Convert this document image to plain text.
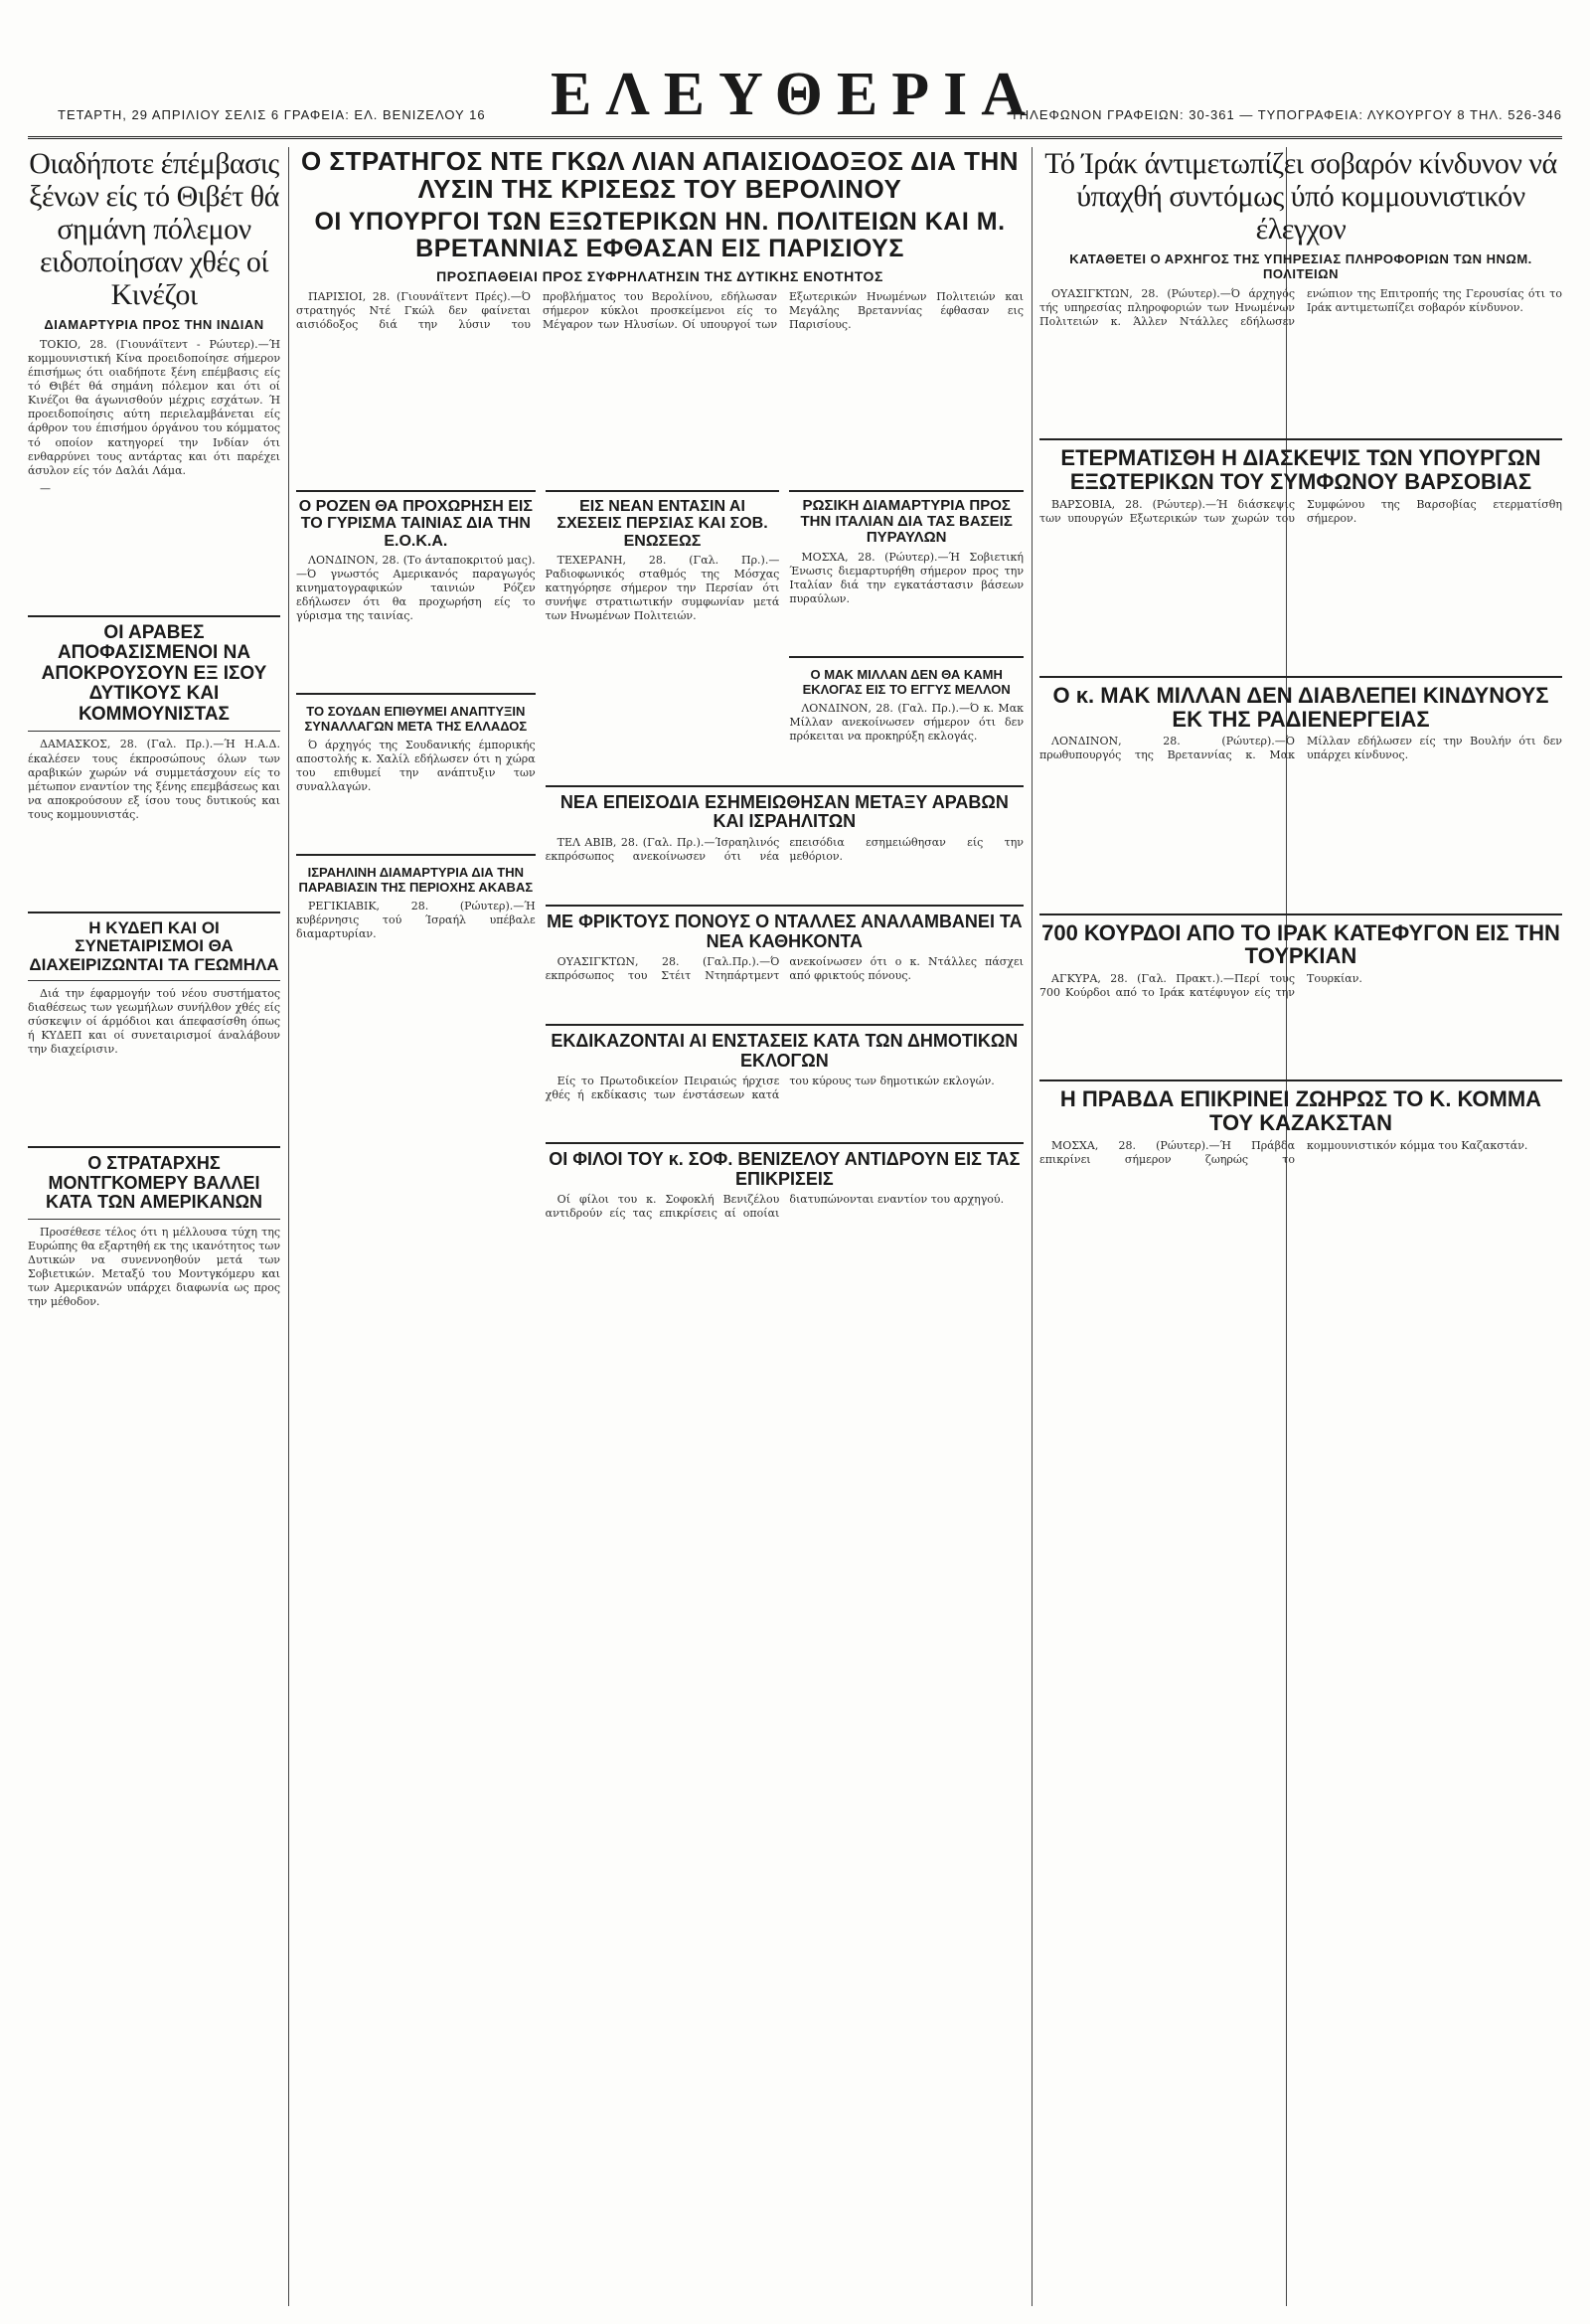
ΤΕΤΑΡΤΗ, 29 ΑΠΡΙΛΙΟΥ ΣΕΛΙΣ 6 ΓΡΑΦΕΙΑ: ΕΛ. ΒΕΝΙΖΕΛΟΥ 16	ΕΛΕΥΘΕΡΙΑ
ΤΗΛΕΦΩΝΟΝ ΓΡΑΦΕΙΩΝ: 30-361 — ΤΥΠΟΓΡΑΦΕΙΑ: ΛΥΚΟΥΡΓΟΥ 8 ΤΗΛ. 526-346
Οιαδήποτε έπέμβασις ξένων είς τό Θιβέτ θά σημάνη πόλεμον ειδοποίησαν χθές οί Κινέζοι
ΔΙΑΜΑΡΤΥΡΙΑ ΠΡΟΣ ΤΗΝ ΙΝΔΙΑΝ

ΤΟΚΙΟ, 28. (Γιουνάϊτεντ - Ρώυτερ).—Ή κομμουνιστική Κίνα προειδοποίησε σήμερον έπισήμως ότι οιαδήποτε ξένη επέμβασις είς τό Θιβέτ θά σημάνη πόλεμον και ότι οί Κινέζοι θα άγωνισθούν μέχρις εσχάτων. Ή προειδοποίησις αύτη περιελαμβάνεται είς άρθρον του έπισήμου όργάνου του κόμματος τό οποίον κατηγορεί την Ινδίαν ότι ενθαρρύνει τους αντάρτας και ότι παρέχει άσυλον είς τόν Δαλάι Λάμα.

—

ΟΙ ΑΡΑΒΕΣ ΑΠΟΦΑΣΙΣΜΕΝΟΙ ΝΑ ΑΠΟΚΡΟΥΣΟΥΝ ΕΞ ΙΣΟΥ ΔΥΤΙΚΟΥΣ ΚΑΙ ΚΟΜΜΟΥΝΙΣΤΑΣ

ΔΑΜΑΣΚΟΣ, 28. (Γαλ. Πρ.).—Ή Η.Α.Δ. έκαλέσεν τους έκπροσώπους όλων των αραβικών χωρών νά συμμετάσχουν είς το μέτωπον εναντίον της ξένης επεμβάσεως και να αποκρούσουν εξ ίσου τους δυτικούς και τους κομμουνιστάς.

Η ΚΥΔΕΠ ΚΑΙ ΟΙ ΣΥΝΕΤΑΙΡΙΣΜΟΙ ΘΑ ΔΙΑΧΕΙΡΙΖΩΝΤΑΙ ΤΑ ΓΕΩΜΗΛΑ

Διά την έφαρμογήν τού νέου συστήματος διαθέσεως των γεωμήλων συνήλθον χθές είς σύσκεψιν οί άρμόδιοι και άπεφασίσθη όπως ή ΚΥΔΕΠ και οί συνεταιρισμοί άναλάβουν την διαχείρισιν.

Ο ΣΤΡΑΤΑΡΧΗΣ ΜΟΝΤΓΚΟΜΕΡΥ ΒΑΛΛΕΙ ΚΑΤΑ ΤΩΝ ΑΜΕΡΙΚΑΝΩΝ

Προσέθεσε τέλος ότι η μέλλουσα τύχη της Ευρώπης θα εξαρτηθή εκ της ικανότητος των Δυτικών να συνεννοηθούν μετά των Σοβιετικών. Μεταξύ του Μοντγκόμερυ και των Αμερικανών υπάρχει διαφωνία ως προς την μέθοδον.

Ο ΣΤΡΑΤΗΓΟΣ ΝΤΕ ΓΚΩΛ ΛΙΑΝ ΑΠΑΙΣΙΟΔΟΞΟΣ ΔΙΑ ΤΗΝ ΛΥΣΙΝ ΤΗΣ ΚΡΙΣΕΩΣ ΤΟΥ ΒΕΡΟΛΙΝΟΥ
ΟΙ ΥΠΟΥΡΓΟΙ ΤΩΝ ΕΞΩΤΕΡΙΚΩΝ ΗΝ. ΠΟΛΙΤΕΙΩΝ ΚΑΙ Μ. ΒΡΕΤΑΝΝΙΑΣ ΕΦΘΑΣΑΝ ΕΙΣ ΠΑΡΙΣΙΟΥΣ
ΠΡΟΣΠΑΘΕΙΑΙ ΠΡΟΣ ΣΥΦΡΗΛΑΤΗΣΙΝ ΤΗΣ ΔΥΤΙΚΗΣ ΕΝΟΤΗΤΟΣ

ΠΑΡΙΣΙΟΙ, 28. (Γιουνάϊτεντ Πρές).—Ό στρατηγός Ντέ Γκώλ δεν φαίνεται αισιόδοξος διά την λύσιν του προβλήματος του Βερολίνου, εδήλωσαν σήμερον κύκλοι προσκείμενοι είς το Μέγαρον των Ηλυσίων. Οί υπουργοί των Εξωτερικών Ηνωμένων Πολιτειών και Μεγάλης Βρεταννίας έφθασαν εις Παρισίους.

Ο ΡΟΖΕΝ ΘΑ ΠΡΟΧΩΡΗΣΗ ΕΙΣ ΤΟ ΓΥΡΙΣΜΑ ΤΑΙΝΙΑΣ ΔΙΑ ΤΗΝ Ε.Ο.Κ.Α.

ΛΟΝΔΙΝΟΝ, 28. (Το άνταποκριτού μας).—Ό γνωστός Αμερικανός παραγωγός κινηματογραφικών ταινιών Ρόζεν εδήλωσεν ότι θα προχωρήση είς το γύρισμα της ταινίας.

ΤΟ ΣΟΥΔΑΝ ΕΠΙΘΥΜΕΙ ΑΝΑΠΤΥΞΙΝ ΣΥΝΑΛΛΑΓΩΝ ΜΕΤΑ ΤΗΣ ΕΛΛΑΔΟΣ

Ό άρχηγός της Σουδανικής έμπορικής αποστολής κ. Χαλίλ εδήλωσεν ότι η χώρα του επιθυμεί την ανάπτυξιν των συναλλαγών.

ΙΣΡΑΗΛΙΝΗ ΔΙΑΜΑΡΤΥΡΙΑ ΔΙΑ ΤΗΝ ΠΑΡΑΒΙΑΣΙΝ ΤΗΣ ΠΕΡΙΟΧΗΣ ΑΚΑΒΑΣ

ΡΕΓΙΚΙΑΒΙΚ, 28. (Ρώυτερ).—Ή κυβέρνησις τού Ίσραήλ υπέβαλε διαμαρτυρίαν.

ΕΙΣ ΝΕΑΝ ΕΝΤΑΣΙΝ ΑΙ ΣΧΕΣΕΙΣ ΠΕΡΣΙΑΣ ΚΑΙ ΣΟΒ. ΕΝΩΣΕΩΣ

ΤΕΧΕΡΑΝΗ, 28. (Γαλ. Πρ.).—Ραδιοφωνικός σταθμός της Μόσχας κατηγόρησε σήμερον την Περσίαν ότι συνήψε στρατιωτικήν συμφωνίαν μετά των Ηνωμένων Πολιτειών.

ΡΩΣΙΚΗ ΔΙΑΜΑΡΤΥΡΙΑ ΠΡΟΣ ΤΗΝ ΙΤΑΛΙΑΝ ΔΙΑ ΤΑΣ ΒΑΣΕΙΣ ΠΥΡΑΥΛΩΝ

ΜΟΣΧΑ, 28. (Ρώυτερ).—Ή Σοβιετική Ένωσις διεμαρτυρήθη σήμερον προς την Ιταλίαν διά την εγκατάστασιν βάσεων πυραύλων.

Ο ΜΑΚ ΜΙΛΛΑΝ ΔΕΝ ΘΑ ΚΑΜΗ ΕΚΛΟΓΑΣ ΕΙΣ ΤΟ ΕΓΓΥΣ ΜΕΛΛΟΝ

ΛΟΝΔΙΝΟΝ, 28. (Γαλ. Πρ.).—Ό κ. Μακ Μίλλαν ανεκοίνωσεν σήμερον ότι δεν πρόκειται να προκηρύξη εκλογάς.

ΝΕΑ ΕΠΕΙΣΟΔΙΑ ΕΣΗΜΕΙΩΘΗΣΑΝ ΜΕΤΑΞΥ ΑΡΑΒΩΝ ΚΑΙ ΙΣΡΑΗΛΙΤΩΝ

ΤΕΛ ΑΒΙΒ, 28. (Γαλ. Πρ.).—Ίσραηλινός εκπρόσωπος ανεκοίνωσεν ότι νέα επεισόδια εσημειώθησαν είς την μεθόριον.

ΜΕ ΦΡΙΚΤΟΥΣ ΠΟΝΟΥΣ Ο ΝΤΑΛΛΕΣ ΑΝΑΛΑΜΒΑΝΕΙ ΤΑ ΝΕΑ ΚΑΘΗΚΟΝΤΑ

ΟΥΑΣΙΓΚΤΩΝ, 28. (Γαλ.Πρ.).—Ό εκπρόσωπος του Στέιτ Ντηπάρτμεντ ανεκοίνωσεν ότι ο κ. Ντάλλες πάσχει από φρικτούς πόνους.

ΕΚΔΙΚΑΖΟΝΤΑΙ ΑΙ ΕΝΣΤΑΣΕΙΣ ΚΑΤΑ ΤΩΝ ΔΗΜΟΤΙΚΩΝ ΕΚΛΟΓΩΝ

Είς το Πρωτοδικείον Πειραιώς ήρχισε χθές ή εκδίκασις των ένστάσεων κατά του κύρους των δημοτικών εκλογών.

ΟΙ ΦΙΛΟΙ ΤΟΥ κ. ΣΟΦ. ΒΕΝΙΖΕΛΟΥ ΑΝΤΙΔΡΟΥΝ ΕΙΣ ΤΑΣ ΕΠΙΚΡΙΣΕΙΣ

Οί φίλοι του κ. Σοφοκλή Βενιζέλου αντιδρούν είς τας επικρίσεις αί οποίαι διατυπώνονται εναντίον του αρχηγού.

Τό Ίράκ άντιμετωπίζει σοβαρόν κίνδυνον νά ύπαχθή συντόμως ύπό κομμουνιστικόν έλεγχον
ΚΑΤΑΘΕΤΕΙ Ο ΑΡΧΗΓΟΣ ΤΗΣ ΥΠΗΡΕΣΙΑΣ ΠΛΗΡΟΦΟΡΙΩΝ ΤΩΝ ΗΝΩΜ. ΠΟΛΙΤΕΙΩΝ

ΟΥΑΣΙΓΚΤΩΝ, 28. (Ρώυτερ).—Ό άρχηγός τής υπηρεσίας πληροφοριών των Ηνωμένων Πολιτειών κ. Άλλεν Ντάλλες εδήλωσεν ενώπιον της Επιτροπής της Γερουσίας ότι το Ιράκ αντιμετωπίζει σοβαρόν κίνδυνον.

ΕΤΕΡΜΑΤΙΣΘΗ Η ΔΙΑΣΚΕΨΙΣ ΤΩΝ ΥΠΟΥΡΓΩΝ ΕΞΩΤΕΡΙΚΩΝ ΤΟΥ ΣΥΜΦΩΝΟΥ ΒΑΡΣΟΒΙΑΣ

ΒΑΡΣΟΒΙΑ, 28. (Ρώυτερ).—Ή διάσκεψις των υπουργών Εξωτερικών των χωρών του Συμφώνου της Βαρσοβίας ετερματίσθη σήμερον.

Ο κ. ΜΑΚ ΜΙΛΛΑΝ ΔΕΝ ΔΙΑΒΛΕΠΕΙ ΚΙΝΔΥΝΟΥΣ ΕΚ ΤΗΣ ΡΑΔΙΕΝΕΡΓΕΙΑΣ

ΛΟΝΔΙΝΟΝ, 28. (Ρώυτερ).—Ό πρωθυπουργός της Βρεταννίας κ. Μακ Μίλλαν εδήλωσεν είς την Βουλήν ότι δεν υπάρχει κίνδυνος.

700 ΚΟΥΡΔΟΙ ΑΠΟ ΤΟ ΙΡΑΚ ΚΑΤΕΦΥΓΟΝ ΕΙΣ ΤΗΝ ΤΟΥΡΚΙΑΝ

ΑΓΚΥΡΑ, 28. (Γαλ. Πρακτ.).—Περί τους 700 Κούρδοι από το Ιράκ κατέφυγον είς την Τουρκίαν.

Η ΠΡΑΒΔΑ ΕΠΙΚΡΙΝΕΙ ΖΩΗΡΩΣ ΤΟ Κ. ΚΟΜΜΑ ΤΟΥ ΚΑΖΑΚΣΤΑΝ

ΜΟΣΧΑ, 28. (Ρώυτερ).—Ή Πράβδα επικρίνει σήμερον ζωηρώς το κομμουνιστικόν κόμμα του Καζακστάν.
